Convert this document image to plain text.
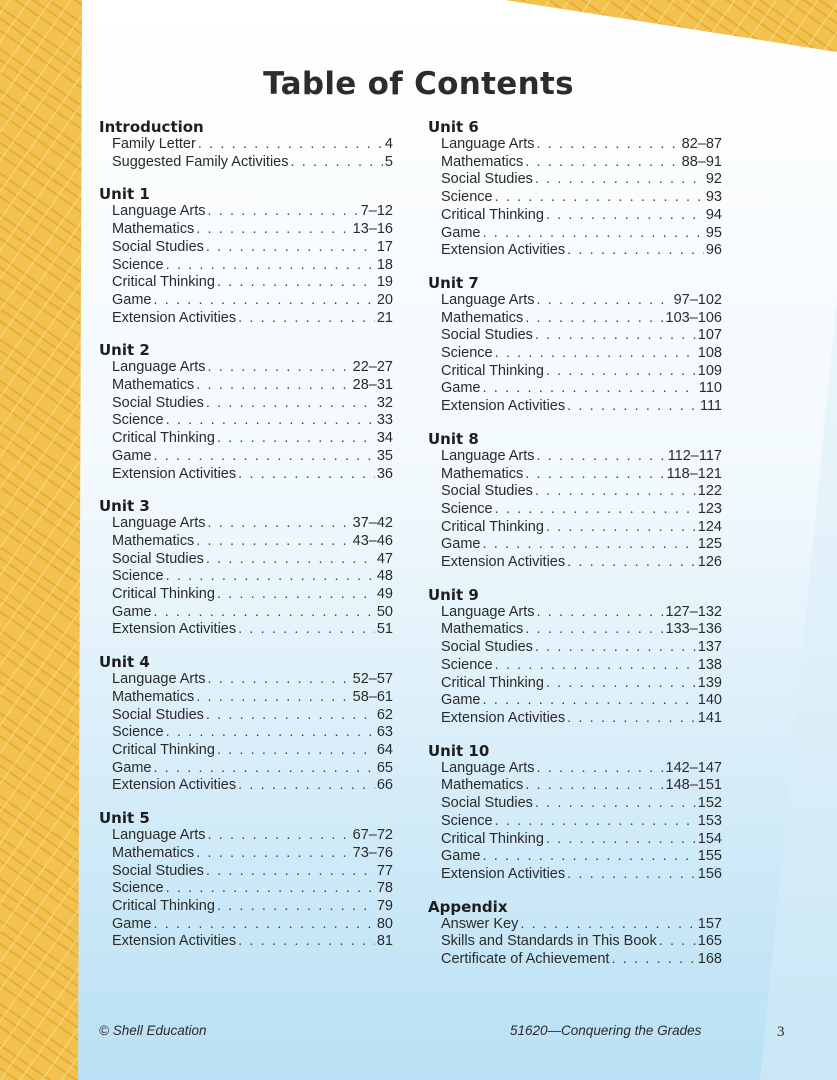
Table of Contents
Introduction
Family Letter . . .	4
Suggested Family Activities . . .	5
Unit 1
Language Arts . . .	7–12
Mathematics . . .	13–16
Social Studies . . .	17
Science . . .	18
Critical Thinking . . .	19
Game . . .	20
Extension Activities . . .	21
Unit 2
Language Arts . . .	22–27
Mathematics . . .	28–31
Social Studies . . .	32
Science . . .	33
Critical Thinking . . .	34
Game . . .	35
Extension Activities . . .	36
Unit 3
Language Arts . . .	37–42
Mathematics . . .	43–46
Social Studies . . .	47
Science . . .	48
Critical Thinking . . .	49
Game . . .	50
Extension Activities . . .	51
Unit 4
Language Arts . . .	52–57
Mathematics . . .	58–61
Social Studies . . .	62
Science . . .	63
Critical Thinking . . .	64
Game . . .	65
Extension Activities . . .	66
Unit 5
Language Arts . . .	67–72
Mathematics . . .	73–76
Social Studies . . .	77
Science . . .	78
Critical Thinking . . .	79
Game . . .	80
Extension Activities . . .	81
Unit 6
Language Arts . . .	82–87
Mathematics . . .	88–91
Social Studies . . .	92
Science . . .	93
Critical Thinking . . .	94
Game . . .	95
Extension Activities . . .	96
Unit 7
Language Arts . . .	97–102
Mathematics . . .	103–106
Social Studies . . .	107
Science . . .	108
Critical Thinking . . .	109
Game . . .	110
Extension Activities . . .	111
Unit 8
Language Arts . . .	112–117
Mathematics . . .	118–121
Social Studies . . .	122
Science . . .	123
Critical Thinking . . .	124
Game . . .	125
Extension Activities . . .	126
Unit 9
Language Arts . . .	127–132
Mathematics . . .	133–136
Social Studies . . .	137
Science . . .	138
Critical Thinking . . .	139
Game . . .	140
Extension Activities . . .	141
Unit 10
Language Arts . . .	142–147
Mathematics . . .	148–151
Social Studies . . .	152
Science . . .	153
Critical Thinking . . .	154
Game . . .	155
Extension Activities . . .	156
Appendix
Answer Key . . .	157
Skills and Standards in This Book . . .	165
Certificate of Achievement . . .	168
© Shell Education	51620—Conquering the Grades	3
